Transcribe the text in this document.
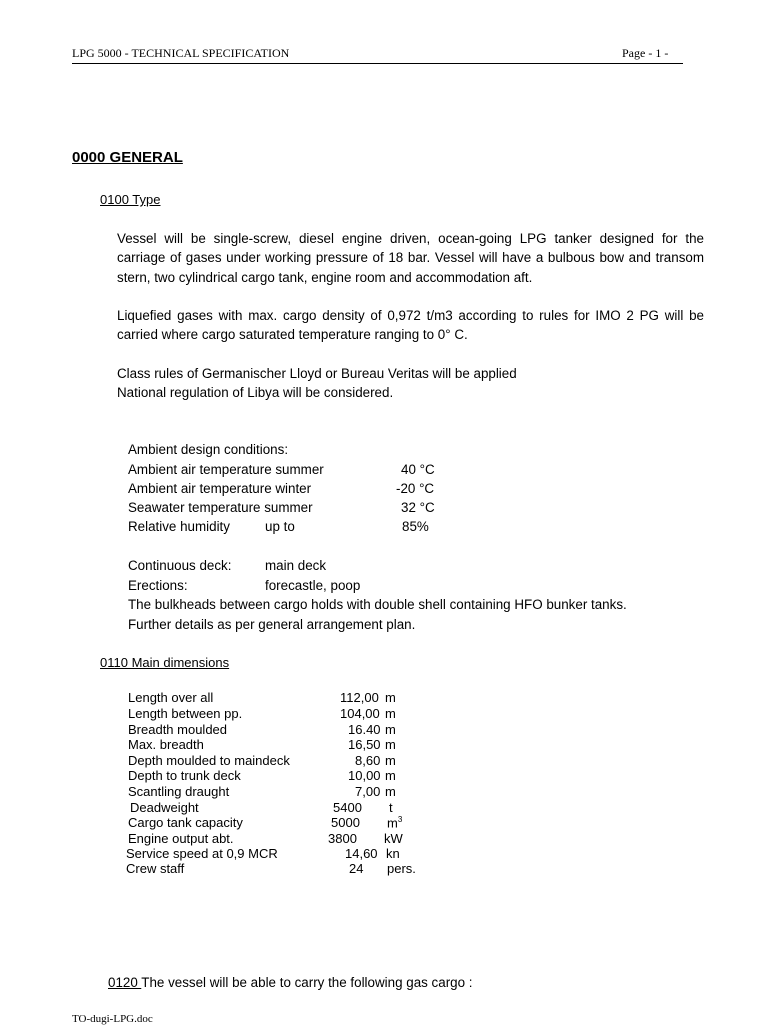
LPG 5000 - TECHNICAL SPECIFICATION	Page - 1 -
0000 GENERAL
0100 Type
Vessel will be single-screw, diesel engine driven, ocean-going LPG tanker designed for the carriage of gases under working pressure of 18 bar. Vessel will have a bulbous bow and transom stern, two cylindrical cargo tank, engine room and accommodation aft.
Liquefied gases with max. cargo density of 0,972 t/m3 according to rules for IMO 2 PG will be carried where cargo saturated temperature ranging to 0° C.
Class rules of Germanischer Lloyd or Bureau Veritas will be applied
National regulation of Libya will be considered.
Ambient design conditions:
Ambient air temperature summer	40 °C
Ambient air temperature winter	-20 °C
Seawater temperature summer	32 °C
Relative humidity	up to	85%
Continuous deck:	main deck
Erections:	forecastle, poop
The bulkheads between cargo holds with double shell containing HFO bunker tanks.
Further details as per general arrangement plan.
0110 Main dimensions
Length over all	112,00 m
Length between pp.	104,00 m
Breadth moulded	16.40 m
Max. breadth	16,50 m
Depth moulded to maindeck	8,60 m
Depth to trunk deck	10,00 m
Scantling draught	7,00 m
Deadweight	5400 t
Cargo tank capacity	5000 $m^3$
Engine output abt.	3800 kW
Service speed at 0,9 MCR	14,60 kn
Crew staff	24 pers.
0120 The vessel will be able to carry the following gas cargo :
TO-dugi-LPG.doc
